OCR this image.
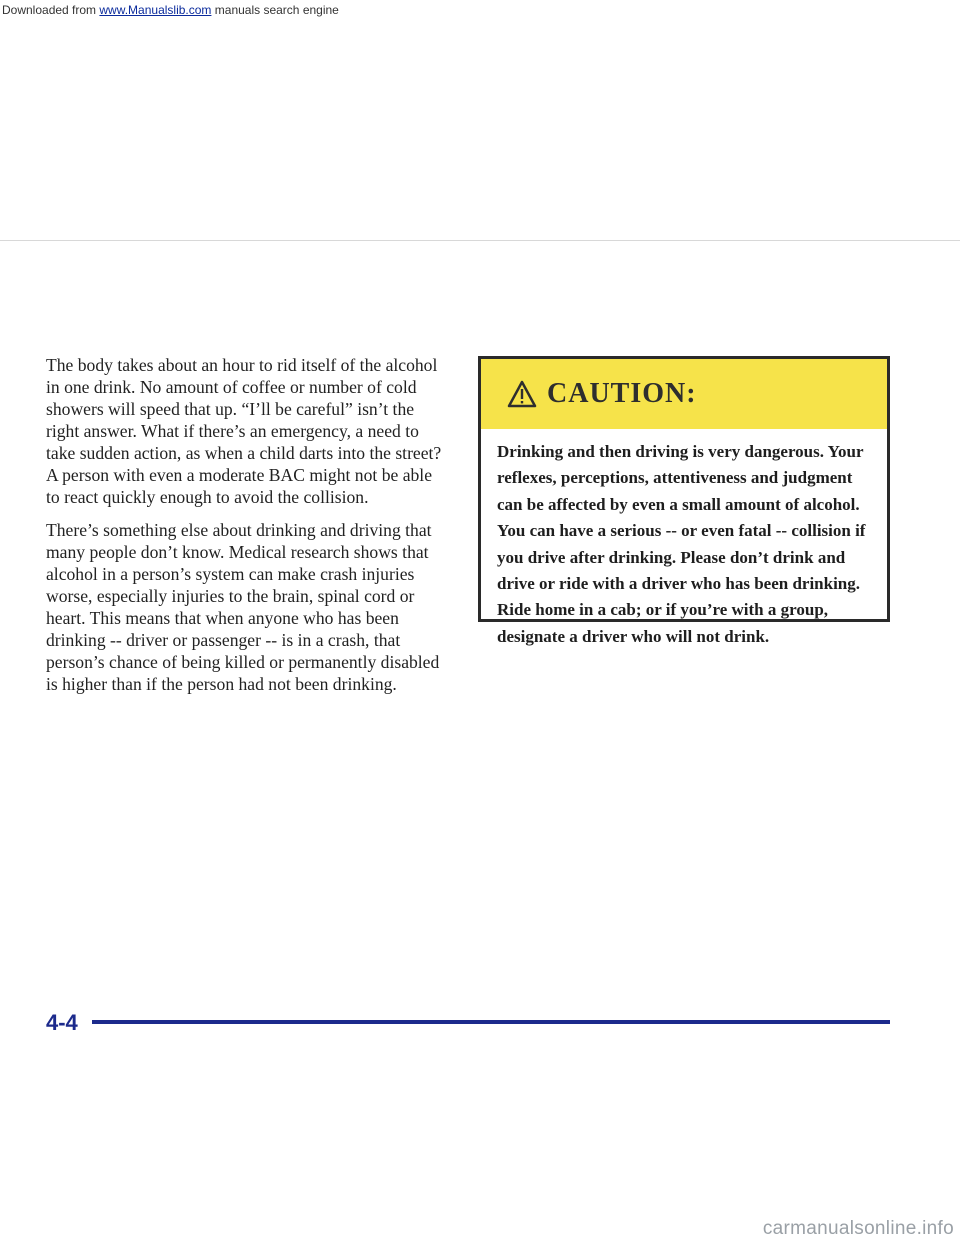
Downloaded from www.Manualslib.com manuals search engine

The body takes about an hour to rid itself of the alcohol in one drink. No amount of coffee or number of cold showers will speed that up. “I’ll be careful” isn’t the right answer. What if there’s an emergency, a need to take sudden action, as when a child darts into the street? A person with even a moderate BAC might not be able to react quickly enough to avoid the collision.

There’s something else about drinking and driving that many people don’t know. Medical research shows that alcohol in a person’s system can make crash injuries worse, especially injuries to the brain, spinal cord or heart. This means that when anyone who has been drinking -- driver or passenger -- is in a crash, that person’s chance of being killed or permanently disabled is higher than if the person had not been drinking.

CAUTION:

Drinking and then driving is very dangerous. Your reflexes, perceptions, attentiveness and judgment can be affected by even a small amount of alcohol. You can have a serious -- or even fatal -- collision if you drive after drinking. Please don’t drink and drive or ride with a driver who has been drinking. Ride home in a cab; or if you’re with a group, designate a driver who will not drink.

4-4
carmanualsonline.info
